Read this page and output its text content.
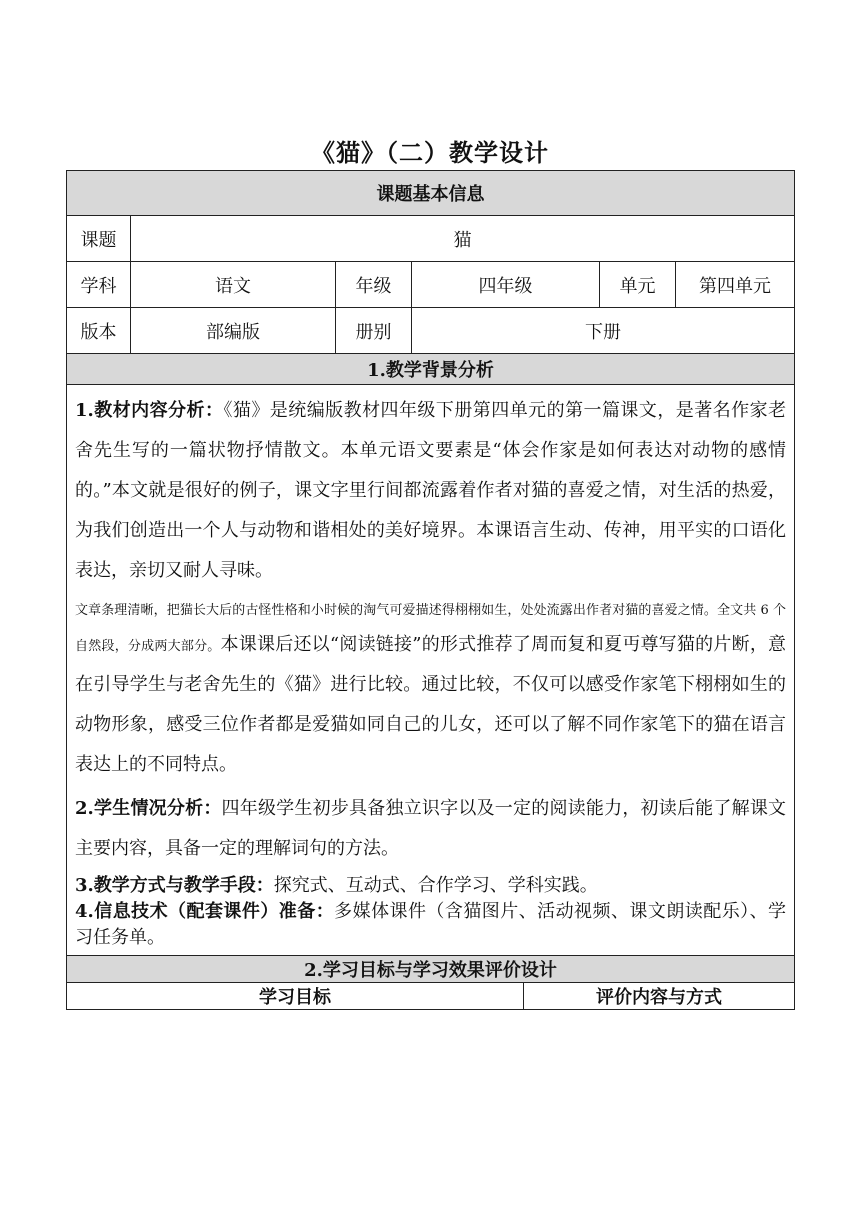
《猫》（二）教学设计
课题基本信息						
课题	猫					
学科	语文	年级	四年级		单元	第四单元
版本	部编版	册别	下册			
1.教学背景分析						

1.教材内容分析：《猫》是统编版教材四年级下册第四单元的第一篇课文，是著名作家老舍先生写的一篇状物抒情散文。本单元语文要素是“体会作家是如何表达对动物的感情的。”本文就是很好的例子，课文字里行间都流露着作者对猫的喜爱之情，对生活的热爱，为我们创造出一个人与动物和谐相处的美好境界。本课语言生动、传神，用平实的口语化表达，亲切又耐人寻味。

文章条理清晰，把猫长大后的古怪性格和小时候的淘气可爱描述得栩栩如生，处处流露出作者对猫的喜爱之情。全文共 6 个自然段，分成两大部分。本课课后还以“阅读链接”的形式推荐了周而复和夏丏尊写猫的片断，意在引导学生与老舍先生的《猫》进行比较。通过比较，不仅可以感受作家笔下栩栩如生的动物形象，感受三位作者都是爱猫如同自己的儿女，还可以了解不同作家笔下的猫在语言表达上的不同特点。

2.学生情况分析：四年级学生初步具备独立识字以及一定的阅读能力，初读后能了解课文主要内容，具备一定的理解词句的方法。

3.教学方式与教学手段：探究式、互动式、合作学习、学科实践。

4.信息技术（配套课件）准备：多媒体课件（含猫图片、活动视频、课文朗读配乐）、学习任务单。						

2.学习目标与学习效果评价设计						
学习目标				评价内容与方式		
